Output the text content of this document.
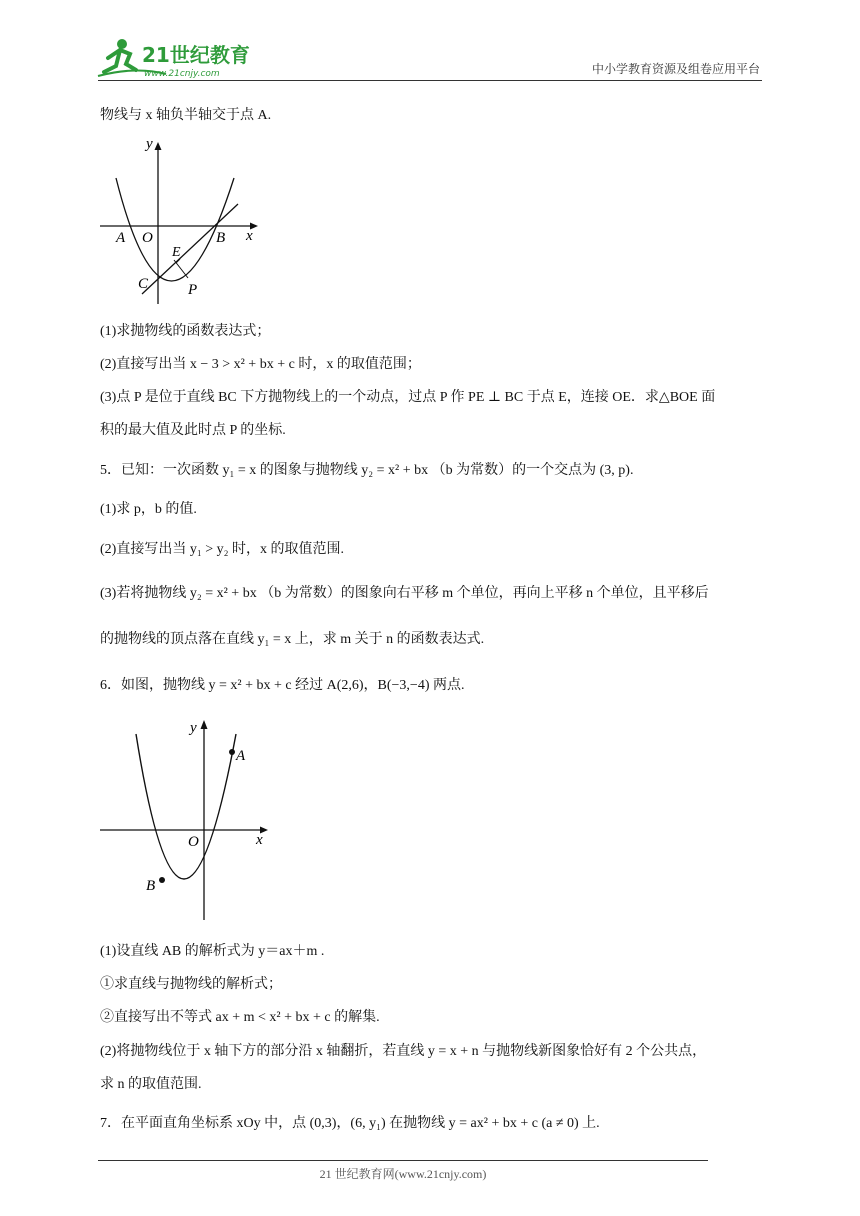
21世纪教育
www.21cnjy.com	中小学教育资源及组卷应用平台
物线与 x 轴负半轴交于点 A.
y
x
A O	B
E
C	P
(1)求抛物线的函数表达式；
(2)直接写出当 x − 3 > x² + bx + c 时，x 的取值范围；
(3)点 P 是位于直线 BC 下方抛物线上的一个动点，过点 P 作 PE ⊥ BC 于点 E，连接 OE．求△BOE 面
积的最大值及此时点 P 的坐标.
5．已知：一次函数 y₁ = x 的图象与抛物线 y₂ = x² + bx （b 为常数）的一个交点为 (3, p).
(1)求 p，b 的值.
(2)直接写出当 y₁ > y₂ 时，x 的取值范围.
(3)若将抛物线 y₂ = x² + bx （b 为常数）的图象向右平移 m 个单位，再向上平移 n 个单位，且平移后
的抛物线的顶点落在直线 y₁ = x 上，求 m 关于 n 的函数表达式.
6．如图，抛物线 y = x² + bx + c 经过 A(2,6)，B(−3,−4) 两点.
y
A
O	x
B
(1)设直线 AB 的解析式为 y＝ax＋m .
①求直线与抛物线的解析式；
②直接写出不等式 ax + m < x² + bx + c 的解集.
(2)将抛物线位于 x 轴下方的部分沿 x 轴翻折，若直线 y = x + n 与抛物线新图象恰好有 2 个公共点，
求 n 的取值范围.
7．在平面直角坐标系 xOy 中，点 (0,3)，(6, y₁) 在抛物线 y = ax² + bx + c (a ≠ 0) 上.
21 世纪教育网(www.21cnjy.com)
